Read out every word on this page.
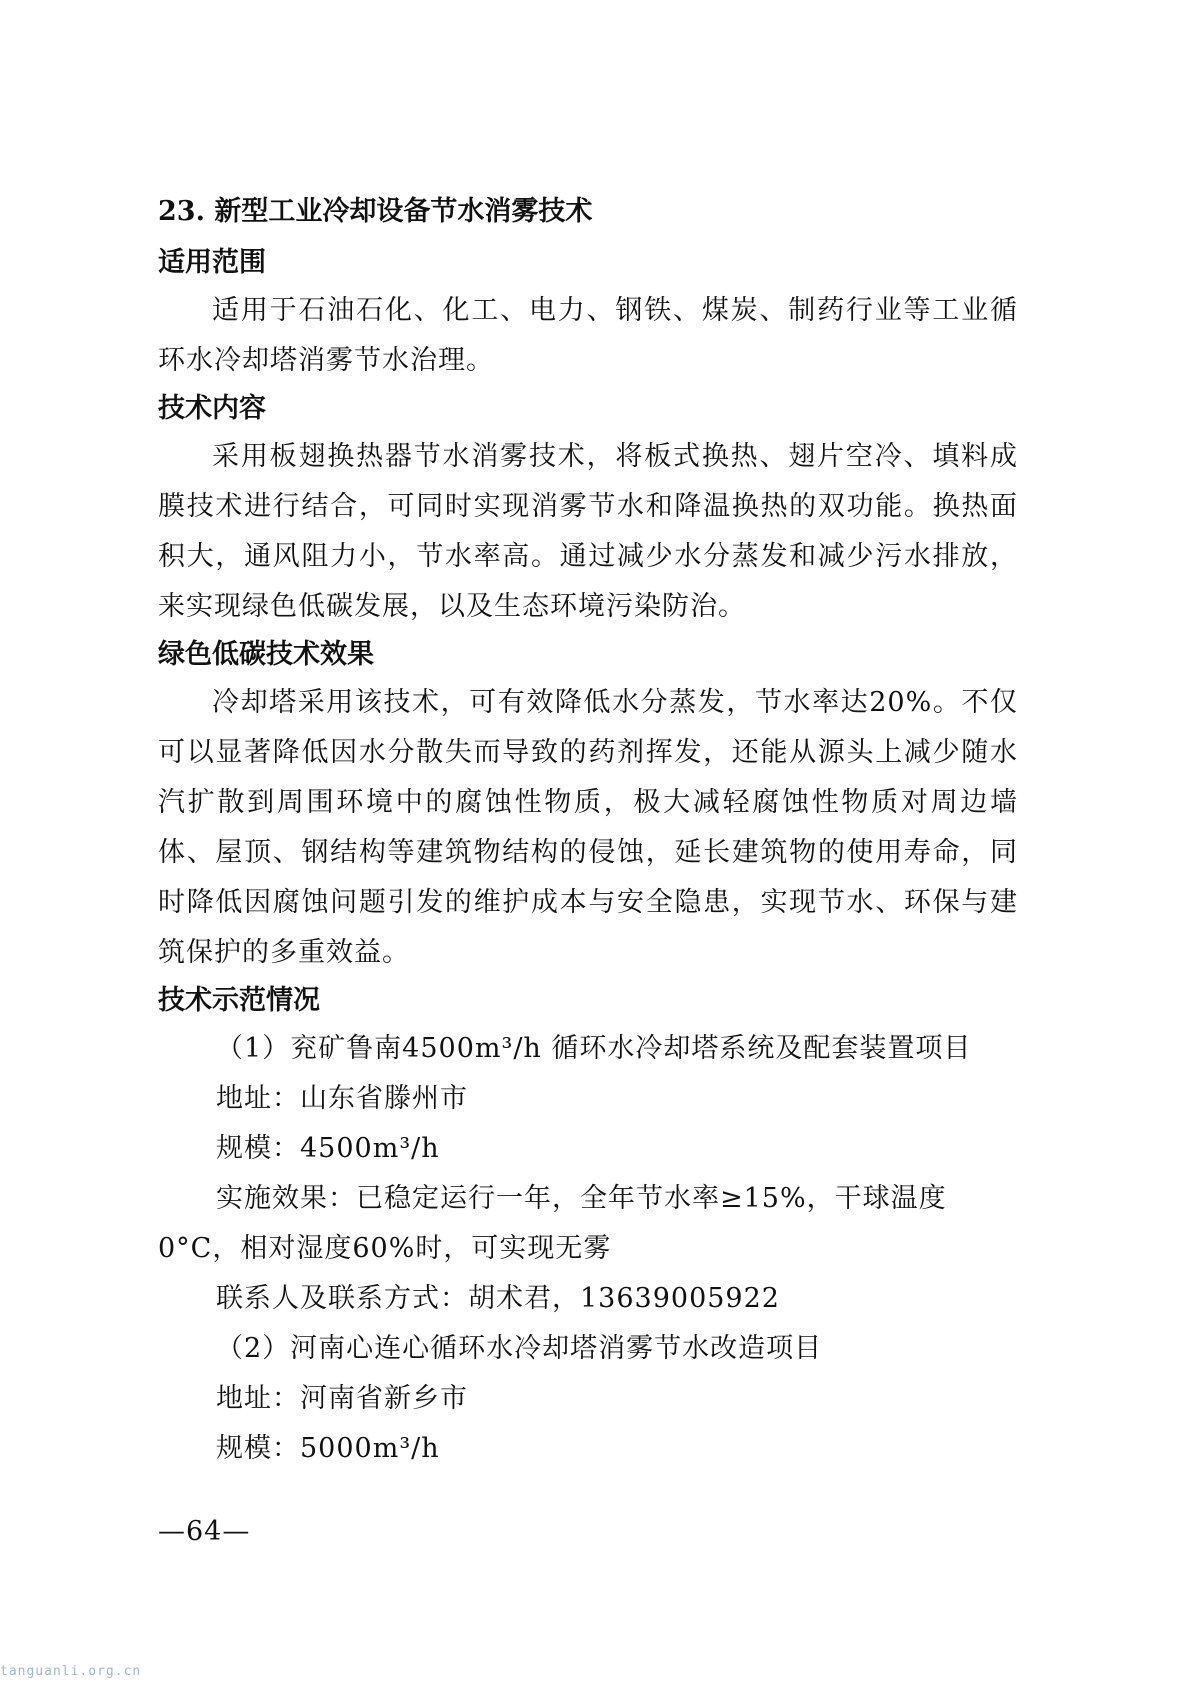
23. 新型工业冷却设备节水消雾技术
适用范围

适用于石油石化、化工、电力、钢铁、煤炭、制药行业等工业循环水冷却塔消雾节水治理。

技术内容

采用板翅换热器节水消雾技术，将板式换热、翅片空冷、填料成膜技术进行结合，可同时实现消雾节水和降温换热的双功能。换热面积大，通风阻力小，节水率高。通过减少水分蒸发和减少污水排放，来实现绿色低碳发展，以及生态环境污染防治。

绿色低碳技术效果

冷却塔采用该技术，可有效降低水分蒸发，节水率达20%。不仅可以显著降低因水分散失而导致的药剂挥发，还能从源头上减少随水汽扩散到周围环境中的腐蚀性物质，极大减轻腐蚀性物质对周边墙体、屋顶、钢结构等建筑物结构的侵蚀，延长建筑物的使用寿命，同时降低因腐蚀问题引发的维护成本与安全隐患，实现节水、环保与建筑保护的多重效益。

技术示范情况

（1）兖矿鲁南4500m³/h 循环水冷却塔系统及配套装置项目

地址：山东省滕州市

规模：4500m³/h

实施效果：已稳定运行一年，全年节水率≥15%，干球温度0°C，相对湿度60%时，可实现无雾

联系人及联系方式：胡术君，13639005922

（2）河南心连心循环水冷却塔消雾节水改造项目

地址：河南省新乡市

规模：5000m³/h

—64—
tanguanli.org.cn
